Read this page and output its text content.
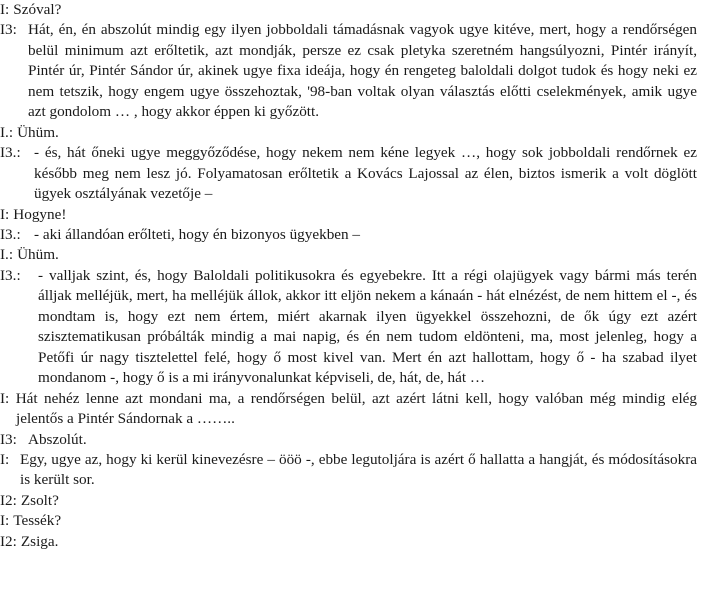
I: Szóval?
I3: Hát, én, én abszolút mindig egy ilyen jobboldali támadásnak vagyok ugye kitéve, mert, hogy a rendőrségen belül minimum azt erőltetik, azt mondják, persze ez csak pletyka szeretném hangsúlyozni, Pintér irányít, Pintér úr, Pintér Sándor úr, akinek ugye fixa ideája, hogy én rengeteg baloldali dolgot tudok és hogy neki ez nem tetszik, hogy engem ugye összehoztak, '98-ban voltak olyan választás előtti cselekmények, amik ugye azt gondolom … , hogy akkor éppen ki győzött.
I.: Ühüm.
I3.: - és, hát őneki ugye meggyőződése, hogy nekem nem kéne legyek …, hogy sok jobboldali rendőrnek ez később meg nem lesz jó. Folyamatosan erőltetik a Kovács Lajossal az élen, biztos ismerik a volt döglött ügyek osztályának vezetője –
I: Hogyne!
I3.: - aki állandóan erőlteti, hogy én bizonyos ügyekben –
I.: Ühüm.
I3.:	- valljak szint, és, hogy Baloldali politikusokra és egyebekre. Itt a régi olajügyek vagy bármi más terén álljak melléjük, mert, ha melléjük állok, akkor itt eljön nekem a kánaán - hát elnézést, de nem hittem el -, és mondtam is, hogy ezt nem értem, miért akarnak ilyen ügyekkel összehozni, de ők úgy ezt azért szisztematikusan próbálták mindig a mai napig, és én nem tudom eldönteni, ma, most jelenleg, hogy a Petőfi úr nagy tisztelettel felé, hogy ő most kivel van. Mert én azt hallottam, hogy ő - ha szabad ilyet mondanom -, hogy ő is a mi irányvonalunkat képviseli, de, hát, de, hát …
I: Hát nehéz lenne azt mondani ma, a rendőrségen belül, azt azért látni kell, hogy valóban még mindig elég jelentős a Pintér Sándornak a ……..
I3: Abszolút.
I: Egy, ugye az, hogy ki kerül kinevezésre – ööö -, ebbe legutoljára is azért ő hallatta a hangját, és módosításokra is került sor.
I2: Zsolt?
I: Tessék?
I2: Zsiga.
